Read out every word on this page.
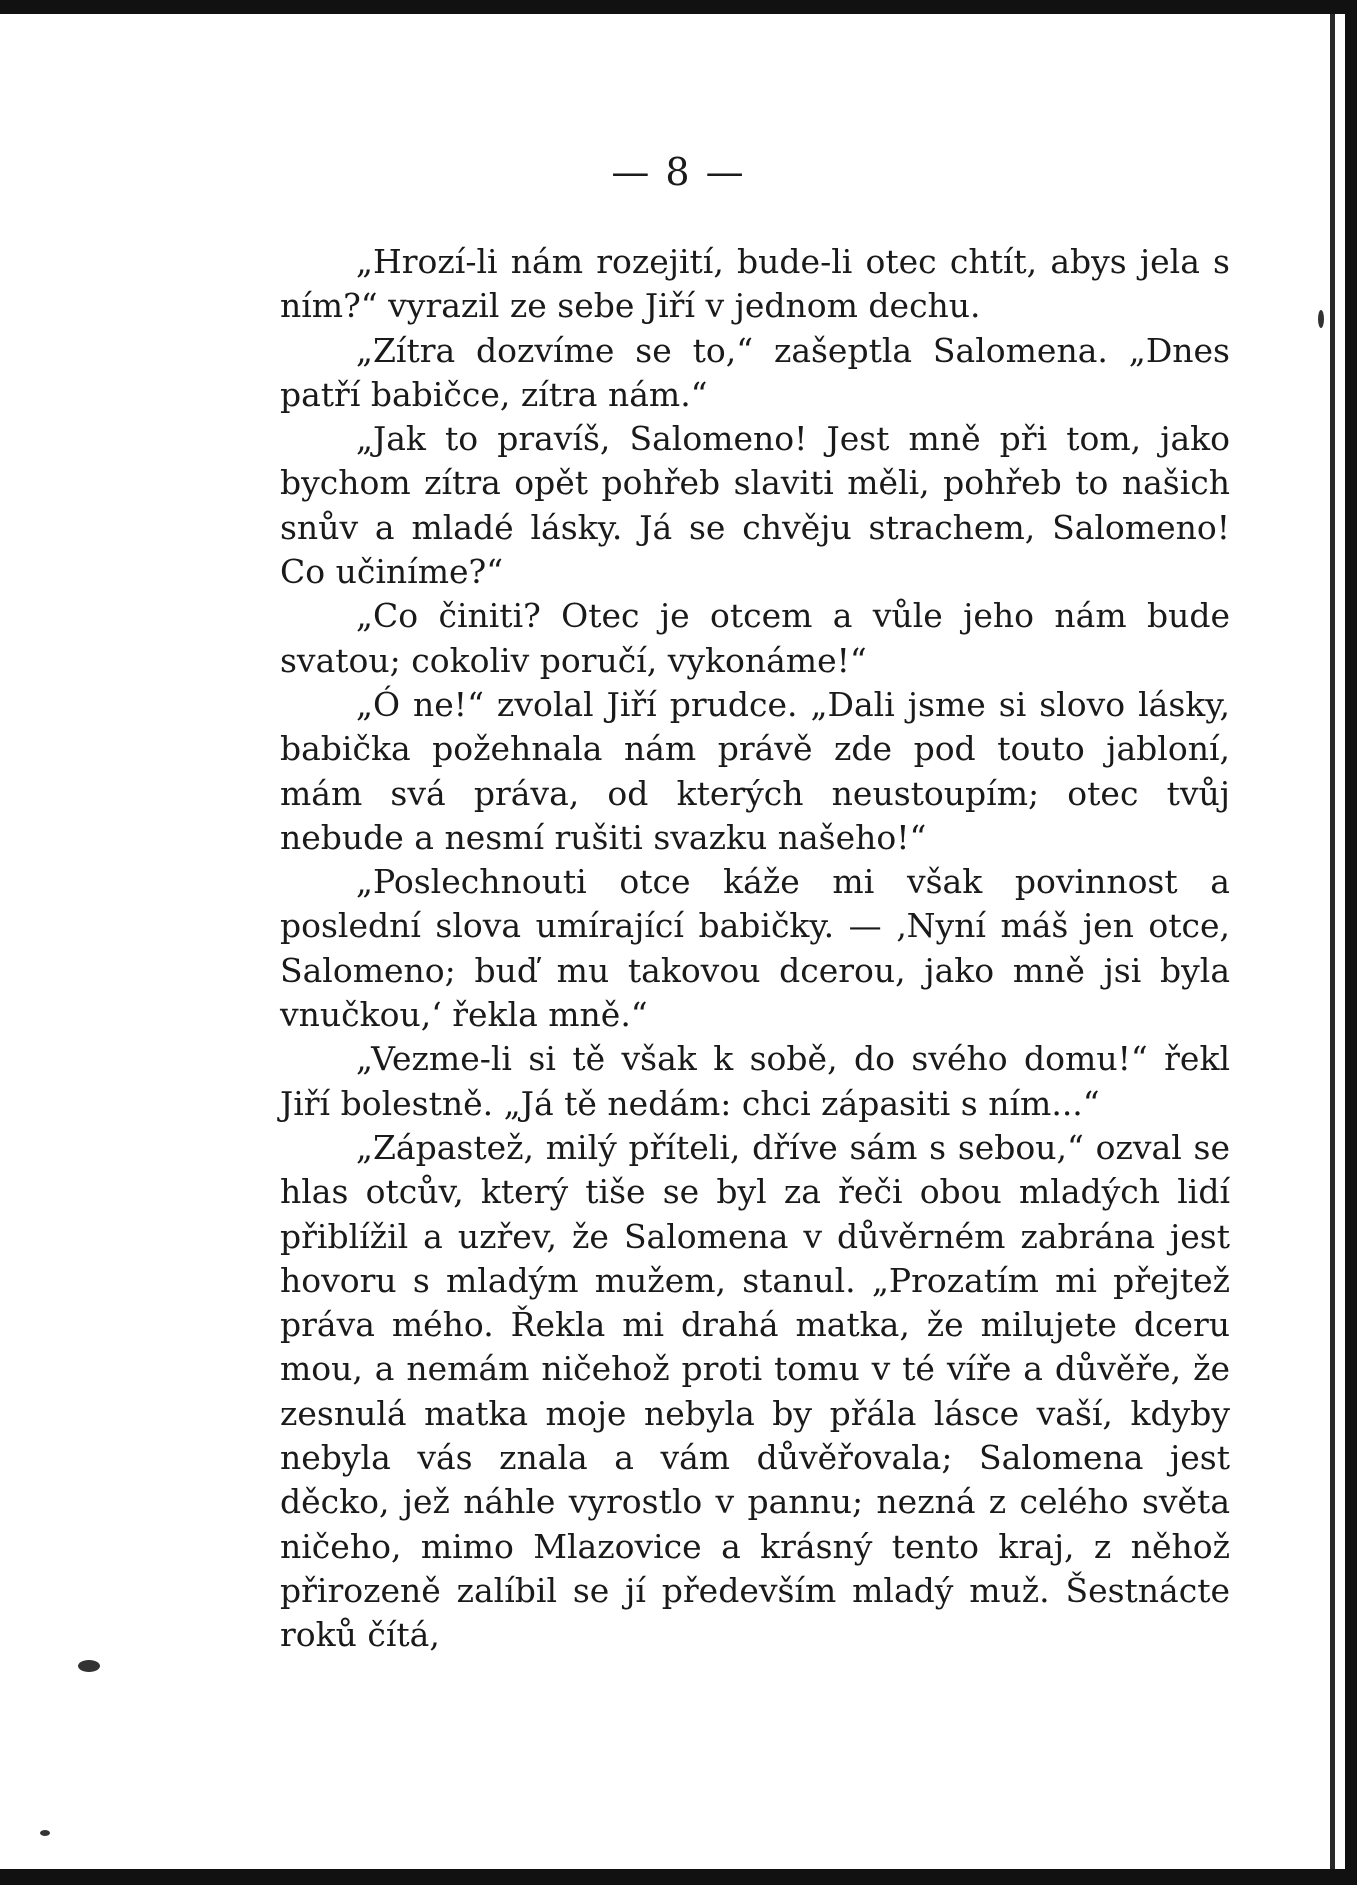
— 8 —

„Hrozí-li nám rozejití, bude-li otec chtít, abys jela s ním?“ vyrazil ze sebe Jiří v jednom dechu.

„Zítra dozvíme se to,“ zašeptla Salomena. „Dnes patří babičce, zítra nám.“

„Jak to pravíš, Salomeno! Jest mně při tom, jako bychom zítra opět pohřeb slaviti měli, pohřeb to našich snův a mladé lásky. Já se chvěju strachem, Salomeno! Co učiníme?“

„Co činiti? Otec je otcem a vůle jeho nám bude svatou; cokoliv poručí, vykonáme!“

„Ó ne!“ zvolal Jiří prudce. „Dali jsme si slovo lásky, babička požehnala nám právě zde pod touto jabloní, mám svá práva, od kterých neustoupím; otec tvůj nebude a nesmí rušiti svazku našeho!“

„Poslechnouti otce káže mi však povinnost a poslední slova umírající babičky. — ‚Nyní máš jen otce, Salomeno; buď mu takovou dcerou, jako mně jsi byla vnučkou,‘ řekla mně.“

„Vezme-li si tě však k sobě, do svého domu!“ řekl Jiří bolestně. „Já tě nedám: chci zápasiti s ním...“

„Zápastež, milý příteli, dříve sám s sebou,“ ozval se hlas otcův, který tiše se byl za řeči obou mladých lidí přiblížil a uzřev, že Salomena v důvěrném zabrána jest hovoru s mladým mužem, stanul. „Prozatím mi přejtež práva mého. Řekla mi drahá matka, že milujete dceru mou, a nemám ničehož proti tomu v té víře a důvěře, že zesnulá matka moje nebyla by přála lásce vaší, kdyby nebyla vás znala a vám důvěřovala; Salomena jest děcko, jež náhle vyrostlo v pannu; nezná z celého světa ničeho, mimo Mlazovice a krásný tento kraj, z něhož přirozeně zalíbil se jí především mladý muž. Šestnácte roků čítá,
